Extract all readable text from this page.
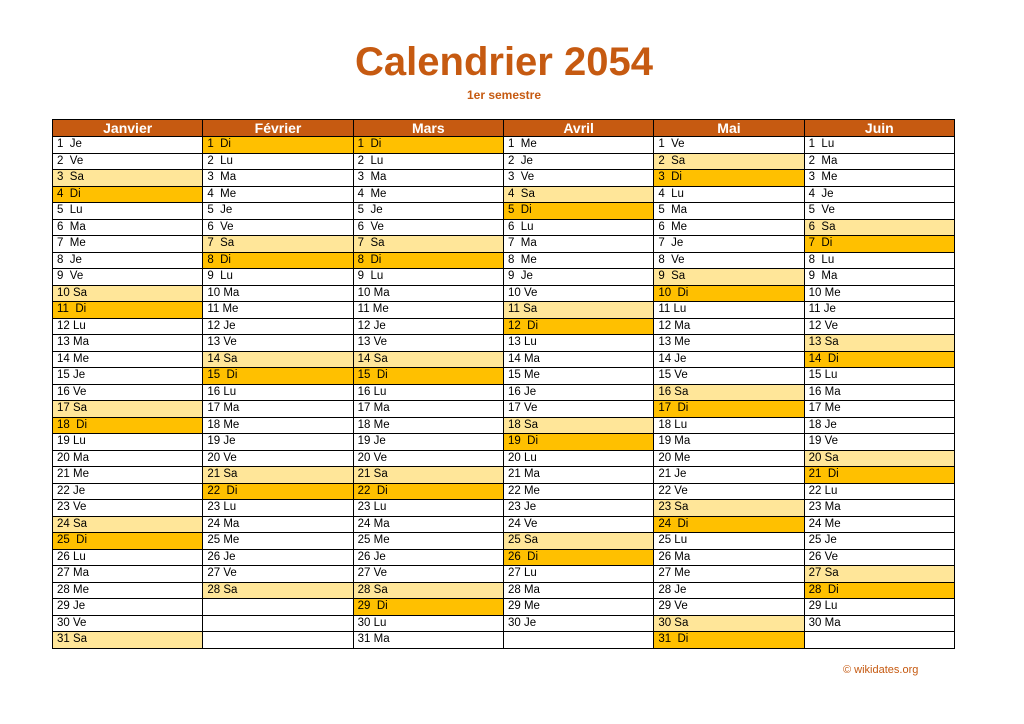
Calendrier 2054
1er semestre
Janvier	Février	Mars	Avril	Mai	Juin
1  Je	1  Di	1  Di	1  Me	1  Ve	1  Lu
2  Ve	2  Lu	2  Lu	2  Je	2  Sa	2  Ma
3  Sa	3  Ma	3  Ma	3  Ve	3  Di	3  Me
4  Di	4  Me	4  Me	4  Sa	4  Lu	4  Je
5  Lu	5  Je	5  Je	5  Di	5  Ma	5  Ve
6  Ma	6  Ve	6  Ve	6  Lu	6  Me	6  Sa
7  Me	7  Sa	7  Sa	7  Ma	7  Je	7  Di
8  Je	8  Di	8  Di	8  Me	8  Ve	8  Lu
9  Ve	9  Lu	9  Lu	9  Je	9  Sa	9  Ma
10 Sa	10 Ma	10 Ma	10 Ve	10  Di	10 Me
11  Di	11 Me	11 Me	11 Sa	11 Lu	11 Je
12 Lu	12 Je	12 Je	12  Di	12 Ma	12 Ve
13 Ma	13 Ve	13 Ve	13 Lu	13 Me	13 Sa
14 Me	14 Sa	14 Sa	14 Ma	14 Je	14  Di
15 Je	15  Di	15  Di	15 Me	15 Ve	15 Lu
16 Ve	16 Lu	16 Lu	16 Je	16 Sa	16 Ma
17 Sa	17 Ma	17 Ma	17 Ve	17  Di	17 Me
18  Di	18 Me	18 Me	18 Sa	18 Lu	18 Je
19 Lu	19 Je	19 Je	19  Di	19 Ma	19 Ve
20 Ma	20 Ve	20 Ve	20 Lu	20 Me	20 Sa
21 Me	21 Sa	21 Sa	21 Ma	21 Je	21  Di
22 Je	22  Di	22  Di	22 Me	22 Ve	22 Lu
23 Ve	23 Lu	23 Lu	23 Je	23 Sa	23 Ma
24 Sa	24 Ma	24 Ma	24 Ve	24  Di	24 Me
25  Di	25 Me	25 Me	25 Sa	25 Lu	25 Je
26 Lu	26 Je	26 Je	26  Di	26 Ma	26 Ve
27 Ma	27 Ve	27 Ve	27 Lu	27 Me	27 Sa
28 Me	28 Sa	28 Sa	28 Ma	28 Je	28  Di
29 Je		29  Di	29 Me	29 Ve	29 Lu
30 Ve		30 Lu	30 Je	30 Sa	30 Ma
31 Sa		31 Ma		31  Di	
© wikidates.org
